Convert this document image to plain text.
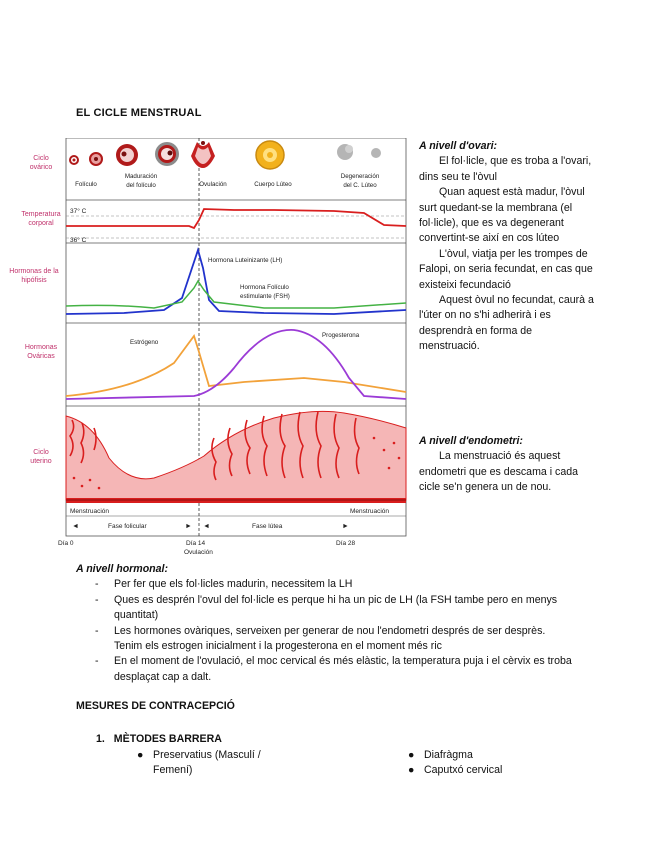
EL CICLE MENSTRUAL
Ciclo
ovárico
Temperatura
corporal
Hormonas de la
hipófisis
Hormonas
Ováricas
Ciclo
uterino
Folículo
Maduración
del folículo	Ovulación	Cuerpo Lúteo
Degeneración
del C. Lúteo
37° C
36° C
Hormona Luteinizante (LH)
Hormona Folículo
estimulante (FSH)
Estrógeno
Progesterona
Menstruación	Menstruación
◄	► ◄	►
Fase folicular	Fase lútea
Día 0	Día 14
Ovulación
Día 28

A nivell d'ovari:

El fol·licle, que es troba a l'ovari, dins seu te l'òvul

Quan aquest està madur, l'òvul surt quedant-se la membrana (el fol·licle), que es va degenerant convertint-se així en cos lúteo

L'òvul, viatja per les trompes de Falopi, on seria fecundat, en cas que existeixi fecundació

Aquest òvul no fecundat, caurà a l'úter on no s'hi adherirà i es desprendrà en forma de menstruació.

A nivell d'endometri:

La menstruació és aquest endometri que es descama i cada cicle se'n genera un de nou.

A nivell hormonal:
- Per fer que els fol·licles madurin, necessitem la LH
- Ques es desprén l'ovul del fol·licle es perque hi ha un pic de LH (la FSH tambe pero en menys quantitat)
- Les hormones ovàriques, serveixen per generar de nou l'endometri després de ser desprès. Tenim els estrogen inicialment i la progesterona en el moment més ric
- En el moment de l'ovulació, el moc cervical és més elàstic, la temperatura puja i el cèrvix es troba desplaçat cap a dalt.
MESURES DE CONTRACEPCIÓ
1. MÈTODES BARRERA
● Preservatius (Masculí / Femení)
● Diafràgma
● Caputxó cervical
